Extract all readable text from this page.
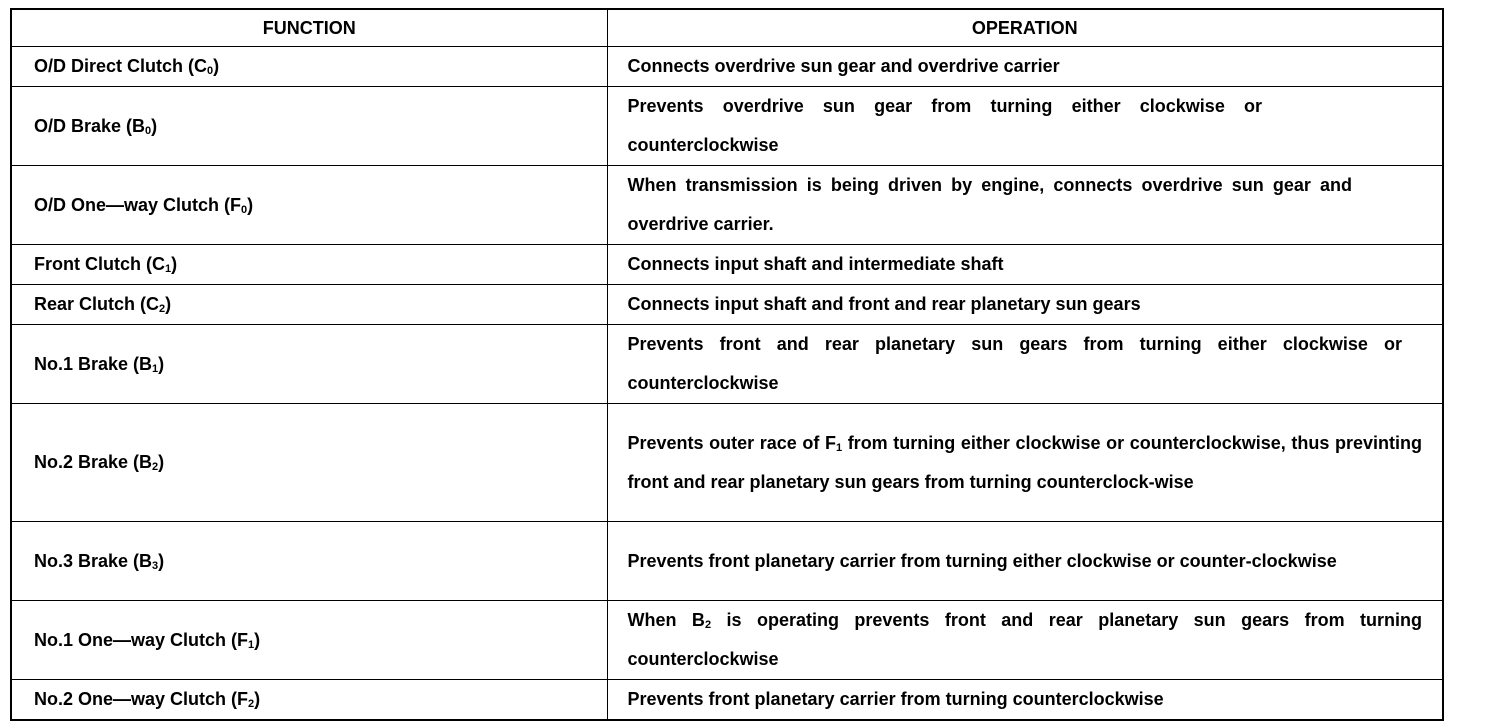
FUNCTION	OPERATION
O/D Direct Clutch $(C_0)$	Connects overdrive sun gear and overdrive carrier
O/D Brake $(B_0)$	Prevents overdrive sun gear from turning either clockwise or counterclockwise
O/D One—way Clutch $(F_0)$	When transmission is being driven by engine, connects overdrive sun gear and overdrive carrier.
Front Clutch $(C_1)$	Connects input shaft and intermediate shaft
Rear Clutch $(C_2)$	Connects input shaft and front and rear planetary sun gears
No.1 Brake $(B_1)$	Prevents front and rear planetary sun gears from turning either clockwise or counterclockwise
No.2 Brake $(B_2)$	Prevents outer race of $F_1$ from turning either clockwise or counterclockwise, thus previnting front and rear planetary sun gears from turning counterclock-wise
No.3 Brake $(B_3)$	Prevents front planetary carrier from turning either clockwise or counter-clockwise
No.1 One—way Clutch $(F_1)$	When $B_2$ is operating prevents front and rear planetary sun gears from turning counterclockwise
No.2 One—way Clutch $(F_2)$	Prevents front planetary carrier from turning counterclockwise
